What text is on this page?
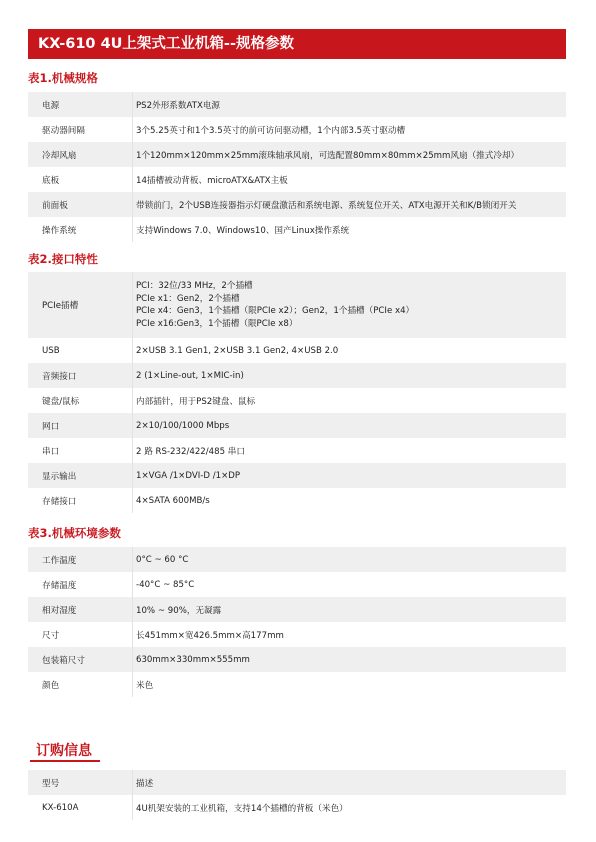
KX-610 4U上架式工业机箱--规格参数
表1.机械规格
电源	PS2外形系数ATX电源
驱动器间隔	3个5.25英寸和1个3.5英寸的前可访问驱动槽，1个内部3.5英寸驱动槽
冷却风扇	1个120mm×120mm×25mm滚珠轴承风扇，可选配置80mm×80mm×25mm风扇（推式冷却）
底板	14插槽被动背板、microATX&ATX主板
前面板	带锁前门，2个USB连接器指示灯硬盘激活和系统电源、系统复位开关、ATX电源开关和K/B锁闭开关
操作系统	支持Windows 7.0、Windows10、国产Linux操作系统
表2.接口特性
PCIe插槽	PCI：32位/33 MHz，2个插槽
PCIe x1：Gen2，2个插槽
PCIe x4：Gen3，1个插槽（限PCIe x2）；Gen2，1个插槽（PCIe x4）
PCIe x16:Gen3，1个插槽（限PCIe x8）

USB	2×USB 3.1 Gen1, 2×USB 3.1 Gen2, 4×USB 2.0
音频接口	2 (1×Line-out, 1×MIC-in)
键盘/鼠标	内部插针，用于PS2键盘、鼠标
网口	2×10/100/1000 Mbps
串口	2 路 RS-232/422/485 串口
显示输出	1×VGA /1×DVI-D /1×DP
存储接口	4×SATA 600MB/s
表3.机械环境参数
工作温度	0°C ~ 60 °C
存储温度	-40°C ~ 85°C
相对湿度	10% ~ 90%，无凝露
尺寸	长451mm×宽426.5mm×高177mm
包装箱尺寸	630mm×330mm×555mm
颜色	米色
订购信息
型号	描述
KX-610A	4U机架安装的工业机箱，支持14个插槽的背板（米色）
